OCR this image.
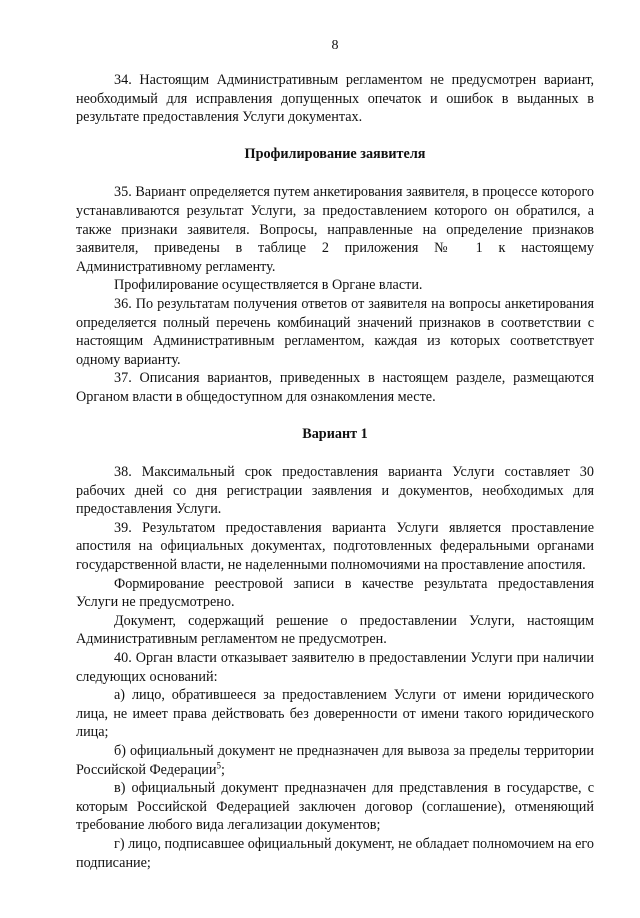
8

34. Настоящим Административным регламентом не предусмотрен вариант, необходимый для исправления допущенных опечаток и ошибок в выданных в результате предоставления Услуги документах.

Профилирование заявителя

35. Вариант определяется путем анкетирования заявителя, в процессе которого устанавливаются результат Услуги, за предоставлением которого он обратился, а также признаки заявителя. Вопросы, направленные на определение признаков заявителя, приведены в таблице 2 приложения № 1 к настоящему Административному регламенту.

Профилирование осуществляется в Органе власти.

36. По результатам получения ответов от заявителя на вопросы анкетирования определяется полный перечень комбинаций значений признаков в соответствии с настоящим Административным регламентом, каждая из которых соответствует одному варианту.

37. Описания вариантов, приведенных в настоящем разделе, размещаются Органом власти в общедоступном для ознакомления месте.

Вариант 1

38. Максимальный срок предоставления варианта Услуги составляет 30 рабочих дней со дня регистрации заявления и документов, необходимых для предоставления Услуги.

39. Результатом предоставления варианта Услуги является проставление апостиля на официальных документах, подготовленных федеральными органами государственной власти, не наделенными полномочиями на проставление апостиля.

Формирование реестровой записи в качестве результата предоставления Услуги не предусмотрено.

Документ, содержащий решение о предоставлении Услуги, настоящим Административным регламентом не предусмотрен.

40. Орган власти отказывает заявителю в предоставлении Услуги при наличии следующих оснований:

а) лицо, обратившееся за предоставлением Услуги от имени юридического лица, не имеет права действовать без доверенности от имени такого юридического лица;

б) официальный документ не предназначен для вывоза за пределы территории Российской Федерации$^5$;

в) официальный документ предназначен для представления в государстве, с которым Российской Федерацией заключен договор (соглашение), отменяющий требование любого вида легализации документов;

г) лицо, подписавшее официальный документ, не обладает полномочием на его подписание;
